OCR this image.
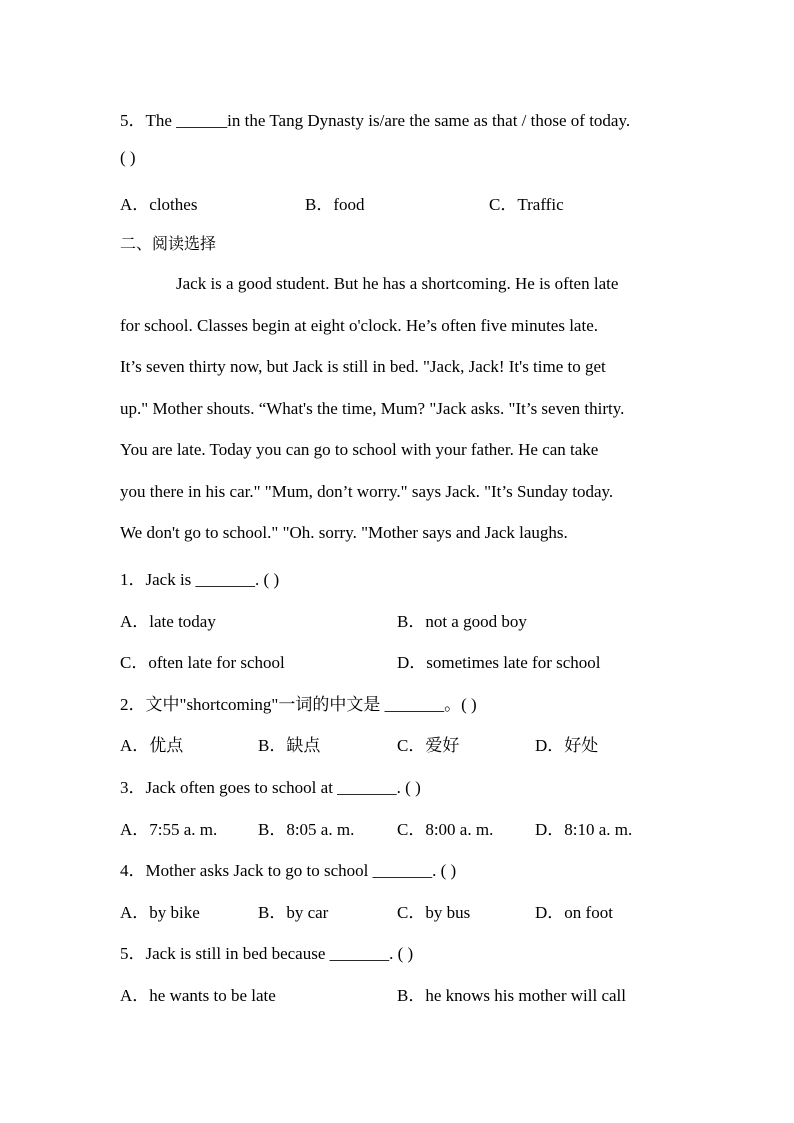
5．The ______in the Tang Dynasty is/are the same as that / those of today.
( )
A．clothes	B．food	C．Traffic
二、阅读选择

Jack is a good student. But he has a shortcoming. He is often late

for school. Classes begin at eight o'clock. He’s often five minutes late.

It’s seven thirty now, but Jack is still in bed. "Jack, Jack! It's time to get

up." Mother shouts. “What's the time, Mum? "Jack asks. "It’s seven thirty.

You are late. Today you can go to school with your father. He can take

you there in his car." "Mum, don’t worry." says Jack. "It’s Sunday today.

We don't go to school." "Oh. sorry. "Mother says and Jack laughs.

1．Jack is _______. ( )
A．late today	B．not a good boy
C．often late for school	D．sometimes late for school
2．文中"shortcoming"一词的中文是 _______。( )
A．优点	B．缺点	C．爱好	D．好处
3．Jack often goes to school at _______. ( )
A．7:55 a. m. B．8:05 a. m.	C．8:00 a. m. D．8:10 a. m.
4．Mother asks Jack to go to school _______. ( )
A．by bike	B．by car	C．by bus	D．on foot
5．Jack is still in bed because _______. ( )
A．he wants to be late	B．he knows his mother will call
